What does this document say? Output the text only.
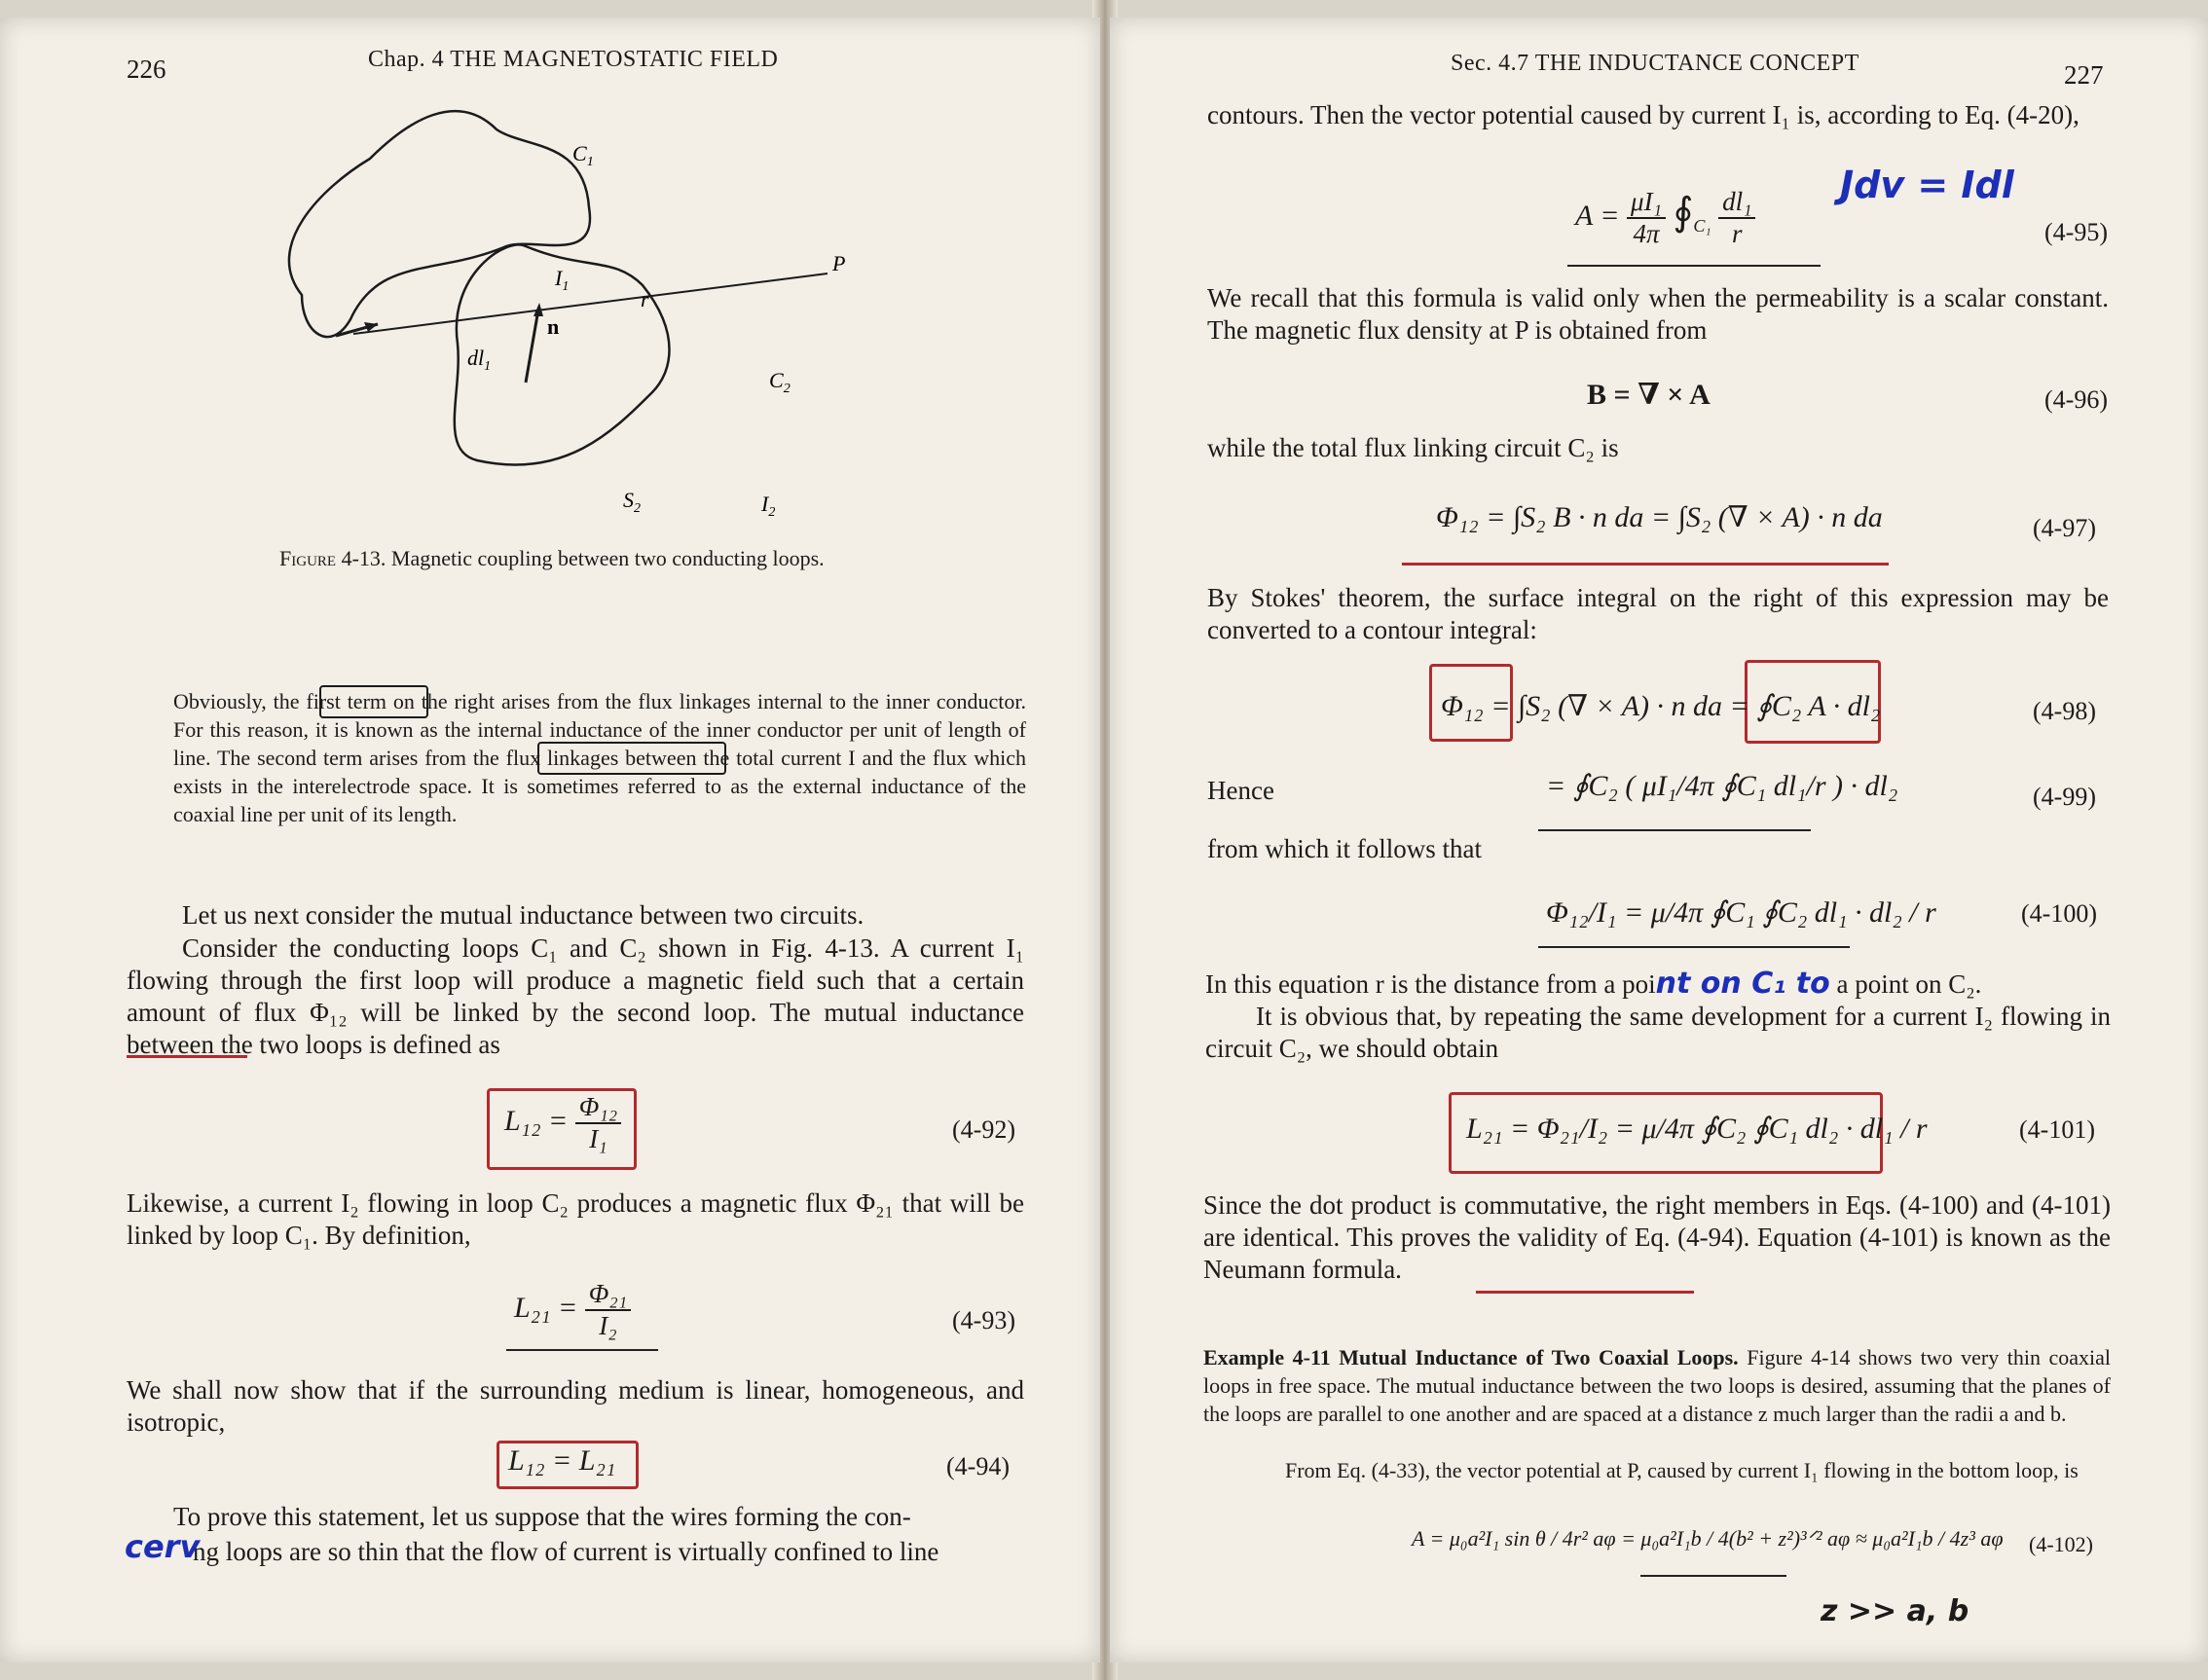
226	Chap. 4 THE MAGNETOSTATIC FIELD
$C_1$
$I_1$
r
P
n
$dl_1$
$C_2$
$S_2$	$I_2$
Figure 4-13. Magnetic coupling between two conducting loops.
Obviously, the first term on the right arises from the flux linkages internal to the inner conductor. For this reason, it is known as the internal inductance of the inner conductor per unit of length of line. The second term arises from the flux linkages between the total current I and the flux which exists in the interelectrode space. It is sometimes referred to as the external inductance of the coaxial line per unit of its length.
Let us next consider the mutual inductance between two circuits.
Consider the conducting loops C₁ and C₂ shown in Fig. 4-13. A current I₁ flowing through the first loop will produce a magnetic field such that a certain amount of flux Φ₁₂ will be linked by the second loop. The mutual inductance between the two loops is defined as
$L_{12} = \frac{\text{Φ₁₂}}{\text{I₁}}$	(4-92)
Likewise, a current I₂ flowing in loop C₂ produces a magnetic flux Φ₂₁ that will be linked by loop C₁. By definition,
$L_{21} = \frac{\text{Φ₂₁}}{\text{I₂}}$	(4-93)
We shall now show that if the surrounding medium is linear, homogeneous, and isotropic,
L₁₂ = L₂₁	(4-94)
To prove this statement, let us suppose that the wires forming the con-
ng loops are so thin that the flow of current is virtually confined to line
cerv
Sec. 4.7 THE INDUCTANCE CONCEPT	227
contours. Then the vector potential caused by current I₁ is, according to Eq. (4-20),
Jdv = Idl
$A = \frac{\text{μI₁}}{4\pi}$ $∮_{C_1} \frac{\text{dl₁}}{r}$	(4-95)
We recall that this formula is valid only when the permeability is a scalar constant. The magnetic flux density at P is obtained from
B = ∇ × A	(4-96)
while the total flux linking circuit C₂ is
Φ₁₂ = ∫S₂ B · n da = ∫S₂ (∇ × A) · n da	(4-97)
By Stokes' theorem, the surface integral on the right of this expression may be converted to a contour integral:
Φ₁₂ = ∫S₂ (∇ × A) · n da = ∮C₂ A · dl₂	(4-98)
Hence	= ∮C₂ ( μI₁/4π ∮C₁ dl₁/r ) · dl₂	(4-99)
from which it follows that
Φ₁₂/I₁ = μ/4π ∮C₁ ∮C₂ dl₁ · dl₂ / r	(4-100)
In this equation r is the distance from a point on C₁ to a point on C₂.
It is obvious that, by repeating the same development for a current I₂ flowing in circuit C₂, we should obtain
L₂₁ = Φ₂₁/I₂ = μ/4π ∮C₂ ∮C₁ dl₂ · dl₁ / r	(4-101)
Since the dot product is commutative, the right members in Eqs. (4-100) and (4-101) are identical. This proves the validity of Eq. (4-94). Equation (4-101) is known as the Neumann formula.
Example 4-11 Mutual Inductance of Two Coaxial Loops. Figure 4-14 shows two very thin coaxial loops in free space. The mutual inductance between the two loops is desired, assuming that the planes of the loops are parallel to one another and are spaced at a distance z much larger than the radii a and b.
From Eq. (4-33), the vector potential at P, caused by current I₁ flowing in the bottom loop, is
A = μ₀a²I₁ sin θ / 4r² aφ = μ₀a²I₁b / 4(b² + z²)³ᐟ² aφ ≈ μ₀a²I₁b / 4z³ aφ (4-102)
z >> a, b
